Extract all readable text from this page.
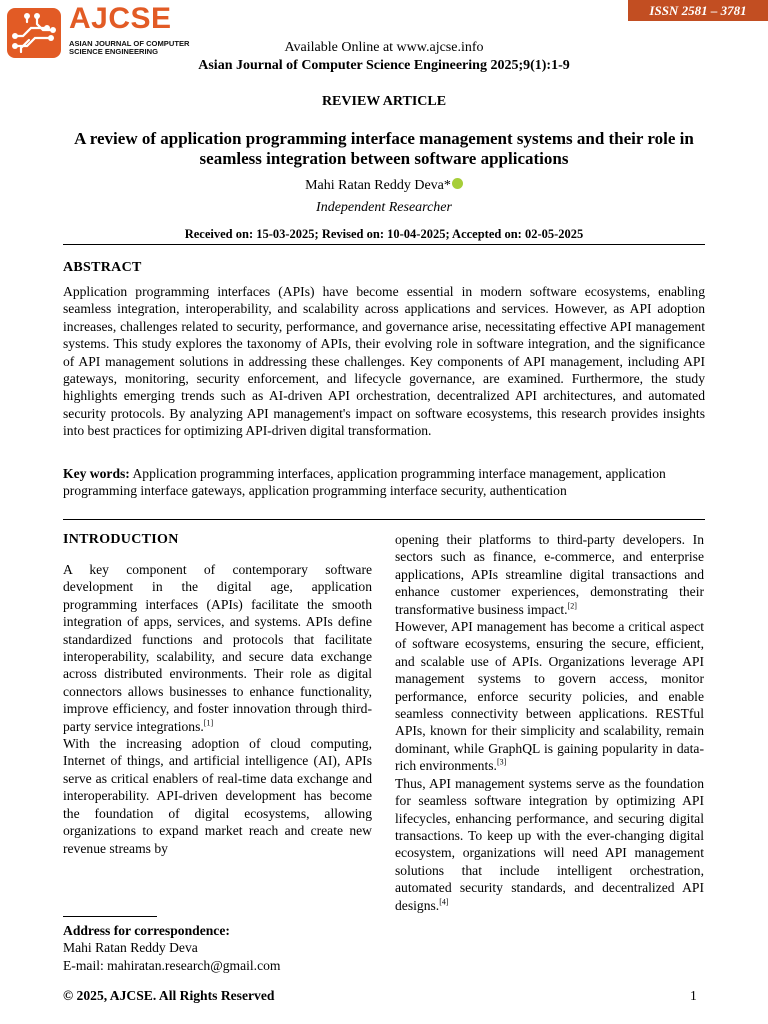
AJCSE
ASIAN JOURNAL OF COMPUTER
SCIENCE ENGINEERING
ISSN 2581 – 3781
Available Online at www.ajcse.info
Asian Journal of Computer Science Engineering 2025;9(1):1-9
REVIEW ARTICLE
A review of application programming interface management systems and their role in seamless integration between software applications
Mahi Ratan Reddy Deva*
Independent Researcher
Received on: 15-03-2025; Revised on: 10-04-2025; Accepted on: 02-05-2025
ABSTRACT
Application programming interfaces (APIs) have become essential in modern software ecosystems, enabling seamless integration, interoperability, and scalability across applications and services. However, as API adoption increases, challenges related to security, performance, and governance arise, necessitating effective API management systems. This study explores the taxonomy of APIs, their evolving role in software integration, and the significance of API management solutions in addressing these challenges. Key components of API management, including API gateways, monitoring, security enforcement, and lifecycle governance, are examined. Furthermore, the study highlights emerging trends such as AI-driven API orchestration, decentralized API architectures, and automated security protocols. By analyzing API management's impact on software ecosystems, this research provides insights into best practices for optimizing API-driven digital transformation.
Key words: Application programming interfaces, application programming interface management, application programming interface gateways, application programming interface security, authentication
INTRODUCTION

A key component of contemporary software development in the digital age, application programming interfaces (APIs) facilitate the smooth integration of apps, services, and systems. APIs define standardized functions and protocols that facilitate interoperability, scalability, and secure data exchange across distributed environments. Their role as digital connectors allows businesses to enhance functionality, improve efficiency, and foster innovation through third-party service integrations.[1]

With the increasing adoption of cloud computing, Internet of things, and artificial intelligence (AI), APIs serve as critical enablers of real-time data exchange and interoperability. API-driven development has become the foundation of digital ecosystems, allowing organizations to expand market reach and create new revenue streams by

opening their platforms to third-party developers. In sectors such as finance, e-commerce, and enterprise applications, APIs streamline digital transactions and enhance customer experiences, demonstrating their transformative business impact.[2]

However, API management has become a critical aspect of software ecosystems, ensuring the secure, efficient, and scalable use of APIs. Organizations leverage API management systems to govern access, monitor performance, enforce security policies, and enable seamless connectivity between applications. RESTful APIs, known for their simplicity and scalability, remain dominant, while GraphQL is gaining popularity in data-rich environments.[3]

Thus, API management systems serve as the foundation for seamless software integration by optimizing API lifecycles, enhancing performance, and securing digital transactions. To keep up with the ever-changing digital ecosystem, organizations will need API management solutions that include intelligent orchestration, automated security standards, and decentralized API designs.[4]

Address for correspondence:
Mahi Ratan Reddy Deva
E-mail: mahiratan.research@gmail.com
© 2025, AJCSE. All Rights Reserved	1
